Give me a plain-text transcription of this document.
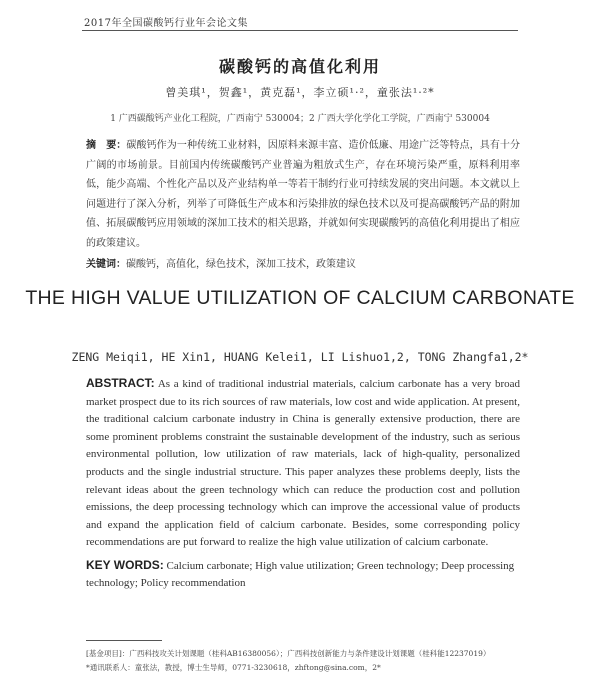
2017年全国碳酸钙行业年会论文集
碳酸钙的高值化利用
曾美琪¹，贺鑫¹，黄克磊¹，李立硕¹·²，童张法¹·²*
1 广西碳酸钙产业化工程院，广西南宁 530004；2 广西大学化学化工学院，广西南宁 530004
摘　要：碳酸钙作为一种传统工业材料，因原料来源丰富、造价低廉、用途广泛等特点，具有十分广阔的市场前景。目前国内传统碳酸钙产业普遍为粗放式生产，存在环境污染严重，原料利用率低，能少高端、个性化产品以及产业结构单一等若干制约行业可持续发展的突出问题。本文就以上问题进行了深入分析，列举了可降低生产成本和污染排放的绿色技术以及可提高碳酸钙产品的附加值、拓展碳酸钙应用领域的深加工技术的相关思路，并就如何实现碳酸钙的高值化利用提出了相应的政策建议。
关键词：碳酸钙，高值化，绿色技术，深加工技术，政策建议
THE HIGH VALUE UTILIZATION OF CALCIUM CARBONATE
ZENG Meiqi1, HE Xin1, HUANG Kelei1, LI Lishuo1,2, TONG Zhangfa1,2*
ABSTRACT: As a kind of traditional industrial materials, calcium carbonate has a very broad market prospect due to its rich sources of raw materials, low cost and wide application. At present, the traditional calcium carbonate industry in China is generally extensive production, there are some prominent problems constraint the sustainable development of the industry, such as serious environmental pollution, low utilization of raw materials, lack of high-quality, personalized products and the single industrial structure. This paper analyzes these problems deeply, lists the relevant ideas about the green technology which can reduce the production cost and pollution emissions, the deep processing technology which can improve the accessional value of products and expand the application field of calcium carbonate. Besides, some corresponding policy recommendations are put forward to realize the high value utilization of calcium carbonate.
KEY WORDS: Calcium carbonate; High value utilization; Green technology; Deep processing technology; Policy recommendation
[基金项目]：广西科技攻关计划课题（桂科AB16380056）；广西科技创新能力与条件建设计划课题（桂科能12237019）
*通讯联系人：童张法，教授，博士生导师，0771-3230618，zhftong@sina.com，2*
